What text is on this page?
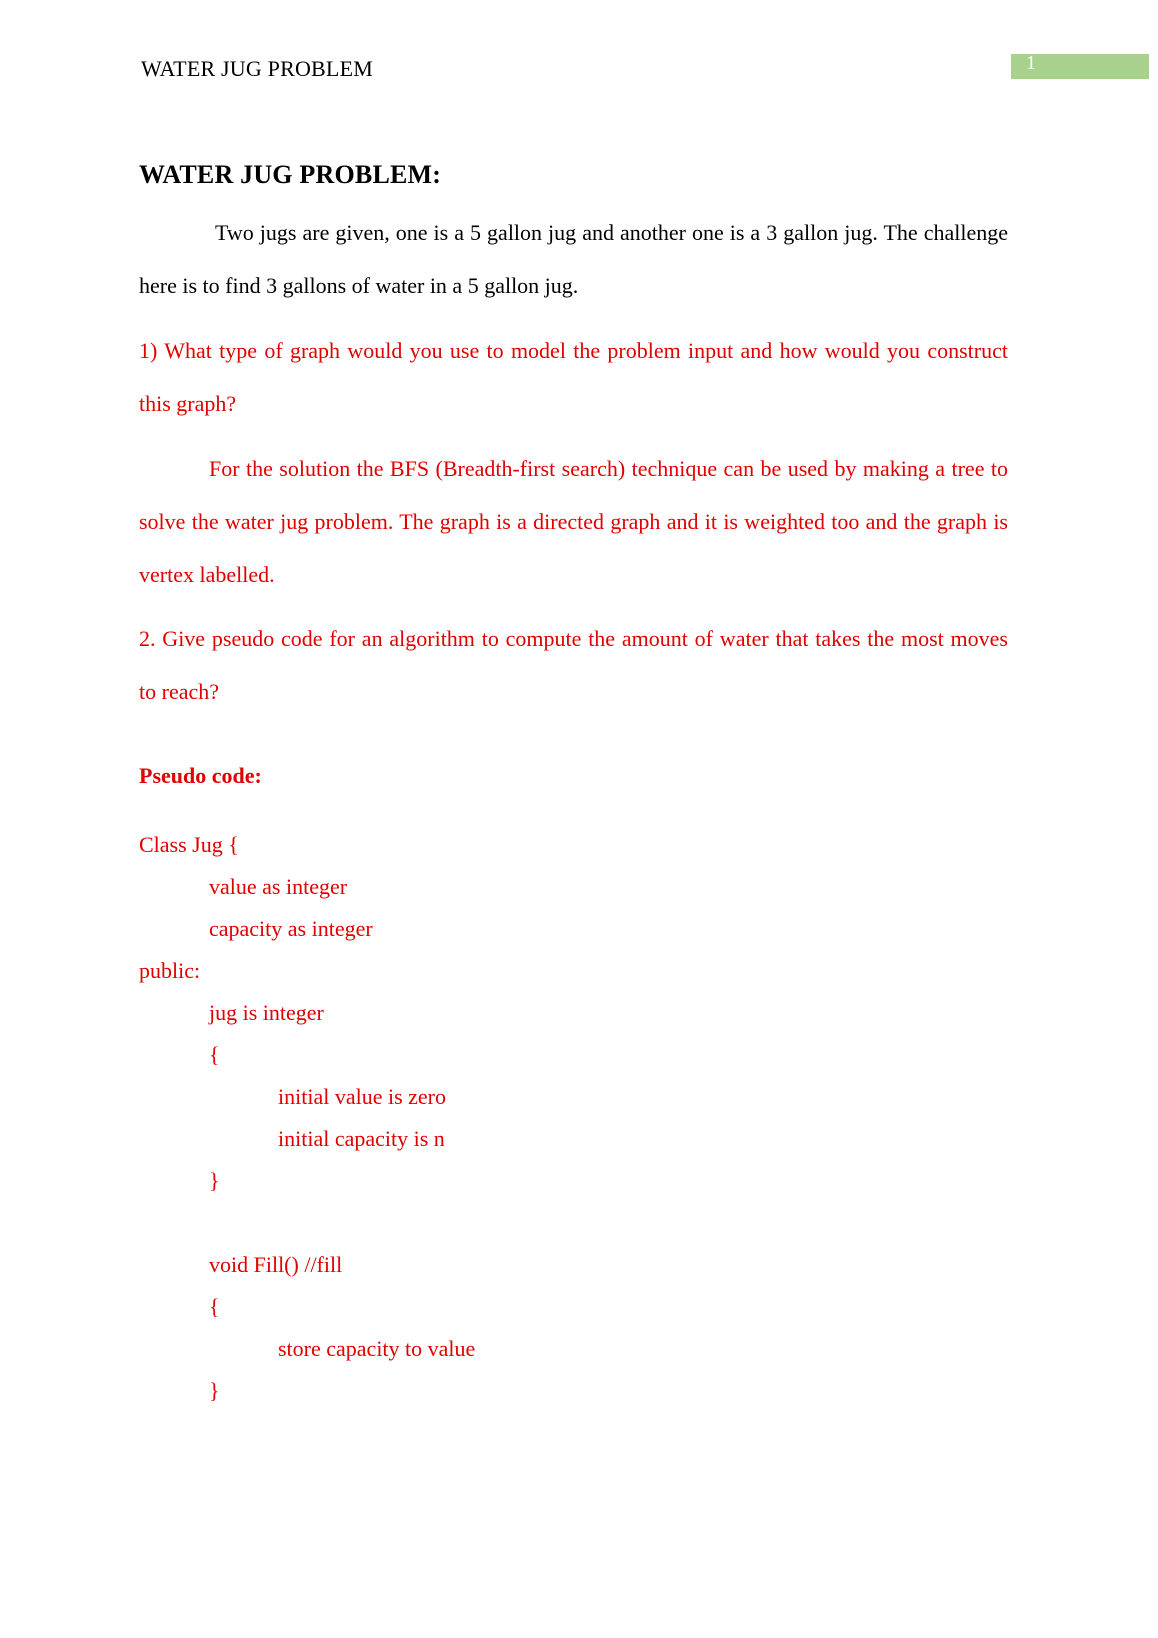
WATER JUG PROBLEM	1
WATER JUG PROBLEM:

Two jugs are given, one is a 5 gallon jug and another one is a 3 gallon jug. The challenge here is to find 3 gallons of water in a 5 gallon jug.

1) What type of graph would you use to model the problem input and how would you construct this graph?

For the solution the BFS (Breadth-first search) technique can be used by making a tree to solve the water jug problem. The graph is a directed graph and it is weighted too and the graph is vertex labelled.

2. Give pseudo code for an algorithm to compute the amount of water that takes the most moves to reach?

Pseudo code:
Class Jug {
value as integer
capacity as integer
public:
jug is integer
{
initial value is zero
initial capacity is n
}
void Fill() //fill
{
store capacity to value
}
